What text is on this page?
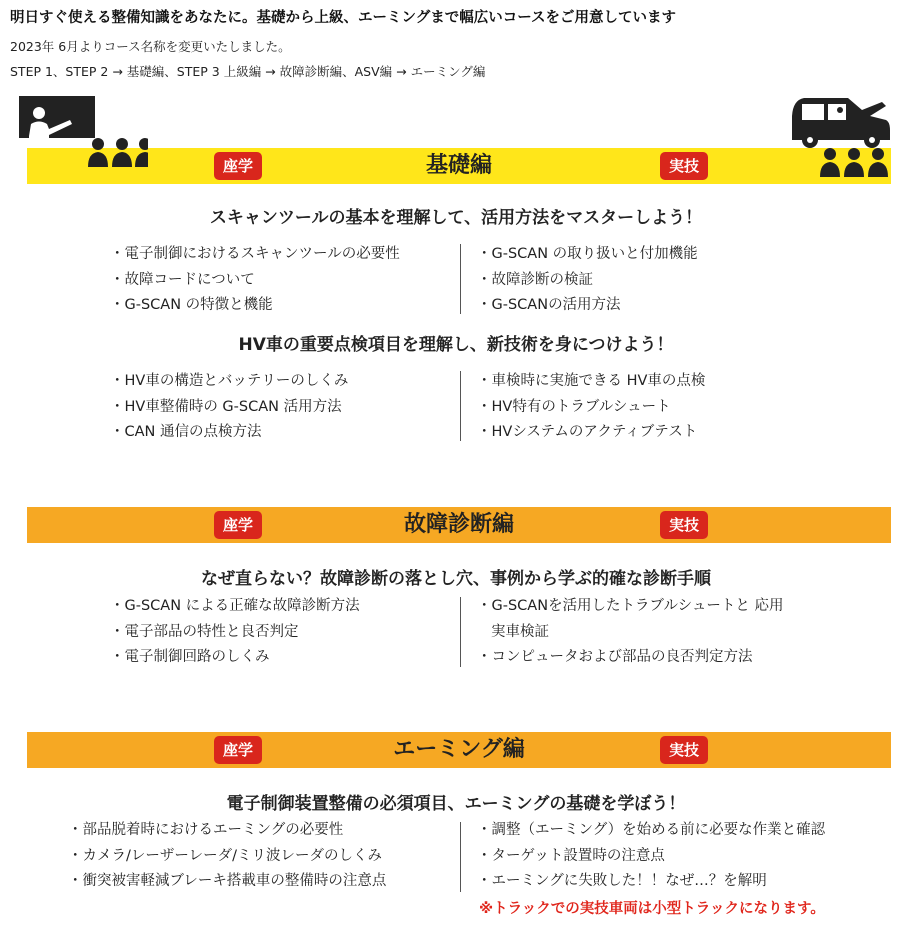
明日すぐ使える整備知識をあなたに。基礎から上級、エーミングまで幅広いコースをご用意しています
2023年 6月よりコース名称を変更いたしました。
STEP 1、STEP 2 → 基礎編、STEP 3 上級編 → 故障診断編、ASV編 → エーミング編
座学	基礎編	実技
スキャンツールの基本を理解して、活用方法をマスターしよう！
・電子制御におけるスキャンツールの必要性
・故障コードについて
・G-SCAN の特徴と機能
・G-SCAN の取り扱いと付加機能
・故障診断の検証
・G-SCANの活用方法
HV車の重要点検項目を理解し、新技術を身につけよう！
・HV車の構造とバッテリーのしくみ
・HV車整備時の G-SCAN 活用方法
・CAN 通信の点検方法
・車検時に実施できる HV車の点検
・HV特有のトラブルシュート
・HVシステムのアクティブテスト
座学	故障診断編	実技
なぜ直らない？故障診断の落とし穴、事例から学ぶ的確な診断手順
・G-SCAN による正確な故障診断方法
・電子部品の特性と良否判定
・電子制御回路のしくみ
・G-SCANを活用したトラブルシュートと 応用実車検証
・コンピュータおよび部品の良否判定方法
座学	エーミング編	実技
電子制御装置整備の必須項目、エーミングの基礎を学ぼう！
・部品脱着時におけるエーミングの必要性
・カメラ/レーザーレーダ/ミリ波レーダのしくみ
・衝突被害軽減ブレーキ搭載車の整備時の注意点
・調整（エーミング）を始める前に必要な作業と確認
・ターゲット設置時の注意点
・エーミングに失敗した！！なぜ…？を解明
※トラックでの実技車両は小型トラックになります。
